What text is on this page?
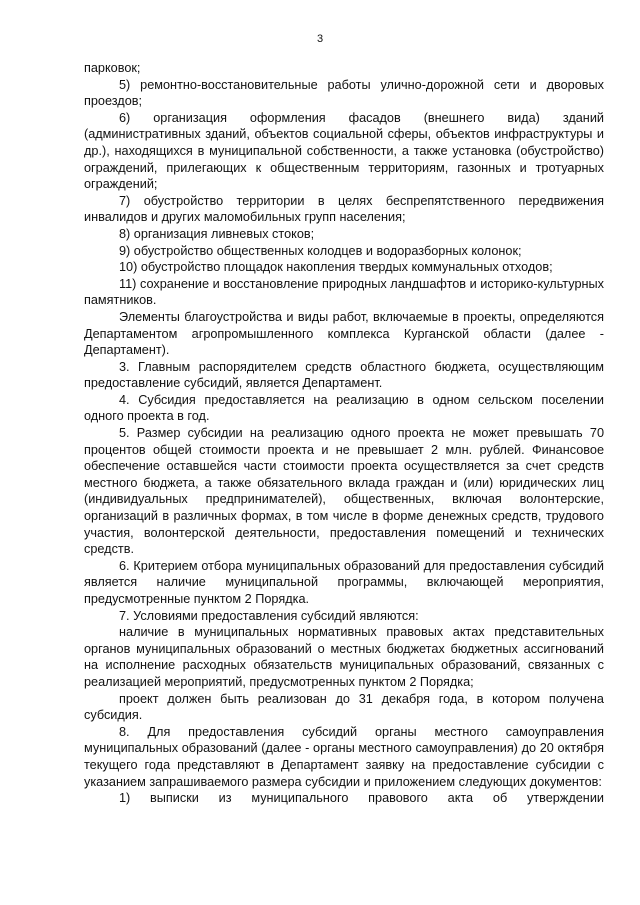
3

парковок;

5) ремонтно-восстановительные работы улично-дорожной сети и дворовых проездов;

6) организация оформления фасадов (внешнего вида) зданий (административных зданий, объектов социальной сферы, объектов инфраструктуры и др.), находящихся в муниципальной собственности, а также установка (обустройство) ограждений, прилегающих к общественным территориям, газонных и тротуарных ограждений;

7) обустройство территории в целях беспрепятственного передвижения инвалидов и других маломобильных групп населения;

8) организация ливневых стоков;

9) обустройство общественных колодцев и водоразборных колонок;

10) обустройство площадок накопления твердых коммунальных отходов;

11) сохранение и восстановление природных ландшафтов и историко-культурных памятников.

Элементы благоустройства и виды работ, включаемые в проекты, определяются Департаментом агропромышленного комплекса Курганской области (далее - Департамент).

3. Главным распорядителем средств областного бюджета, осуществляющим предоставление субсидий, является Департамент.

4. Субсидия предоставляется на реализацию в одном сельском поселении одного проекта в год.

5. Размер субсидии на реализацию одного проекта не может превышать 70 процентов общей стоимости проекта и не превышает 2 млн. рублей. Финансовое обеспечение оставшейся части стоимости проекта осуществляется за счет средств местного бюджета, а также обязательного вклада граждан и (или) юридических лиц (индивидуальных предпринимателей), общественных, включая волонтерские, организаций в различных формах, в том числе в форме денежных средств, трудового участия, волонтерской деятельности, предоставления помещений и технических средств.

6. Критерием отбора муниципальных образований для предоставления субсидий является наличие муниципальной программы, включающей мероприятия, предусмотренные пунктом 2 Порядка.

7. Условиями предоставления субсидий являются:

наличие в муниципальных нормативных правовых актах представительных органов муниципальных образований о местных бюджетах бюджетных ассигнований на исполнение расходных обязательств муниципальных образований, связанных с реализацией мероприятий, предусмотренных пунктом 2 Порядка;

проект должен быть реализован до 31 декабря года, в котором получена субсидия.

8. Для предоставления субсидий органы местного самоуправления муниципальных образований (далее - органы местного самоуправления) до 20 октября текущего года представляют в Департамент заявку на предоставление субсидии с указанием запрашиваемого размера субсидии и приложением следующих документов:

1) выписки из муниципального правового акта об утверждении
